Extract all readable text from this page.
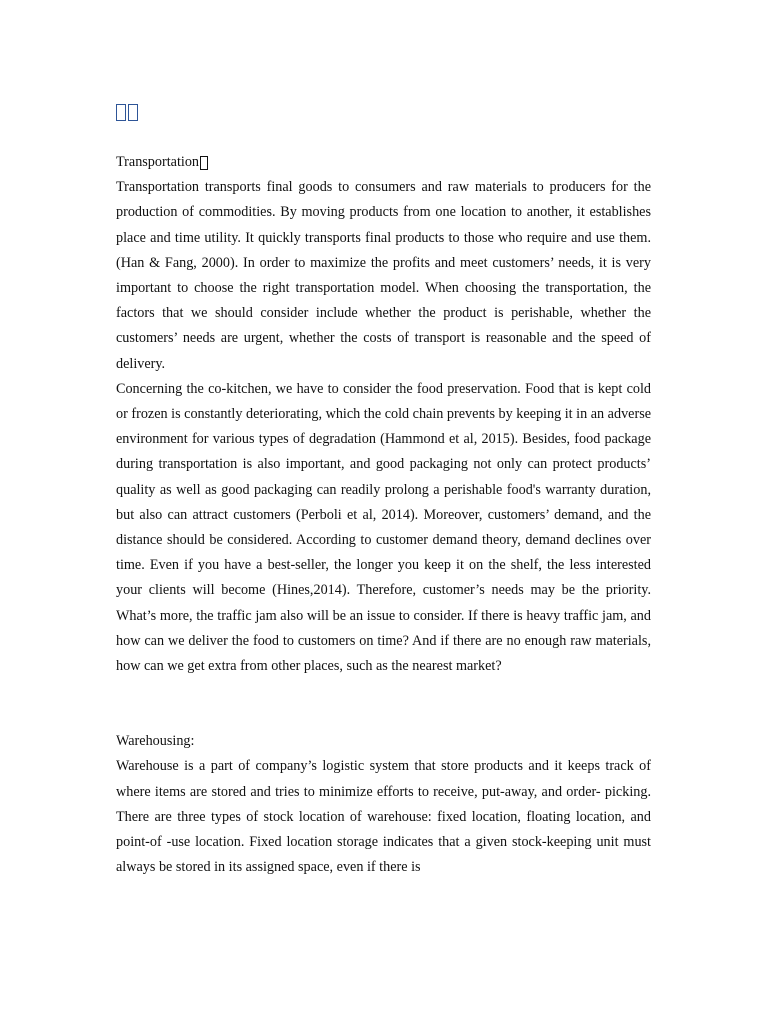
Transportation

Transportation transports final goods to consumers and raw materials to producers for the production of commodities. By moving products from one location to another, it establishes place and time utility. It quickly transports final products to those who require and use them. (Han & Fang, 2000). In order to maximize the profits and meet customers’ needs, it is very important to choose the right transportation model. When choosing the transportation, the factors that we should consider include whether the product is perishable, whether the customers’ needs are urgent, whether the costs of transport is reasonable and the speed of delivery.

Concerning the co-kitchen, we have to consider the food preservation. Food that is kept cold or frozen is constantly deteriorating, which the cold chain prevents by keeping it in an adverse environment for various types of degradation (Hammond et al, 2015). Besides, food package during transportation is also important, and good packaging not only can protect products’ quality as well as good packaging can readily prolong a perishable food's warranty duration, but also can attract customers (Perboli et al, 2014). Moreover, customers’ demand, and the distance should be considered. According to customer demand theory, demand declines over time. Even if you have a best-seller, the longer you keep it on the shelf, the less interested your clients will become (Hines,2014). Therefore, customer’s needs may be the priority. What’s more, the traffic jam also will be an issue to consider. If there is heavy traffic jam, and how can we deliver the food to customers on time? And if there are no enough raw materials, how can we get extra from other places, such as the nearest market?

Warehousing:

Warehouse is a part of company’s logistic system that store products and it keeps track of where items are stored and tries to minimize efforts to receive, put-away, and order- picking. There are three types of stock location of warehouse: fixed location, floating location, and point-of -use location. Fixed location storage indicates that a given stock-keeping unit must always be stored in its assigned space, even if there is
